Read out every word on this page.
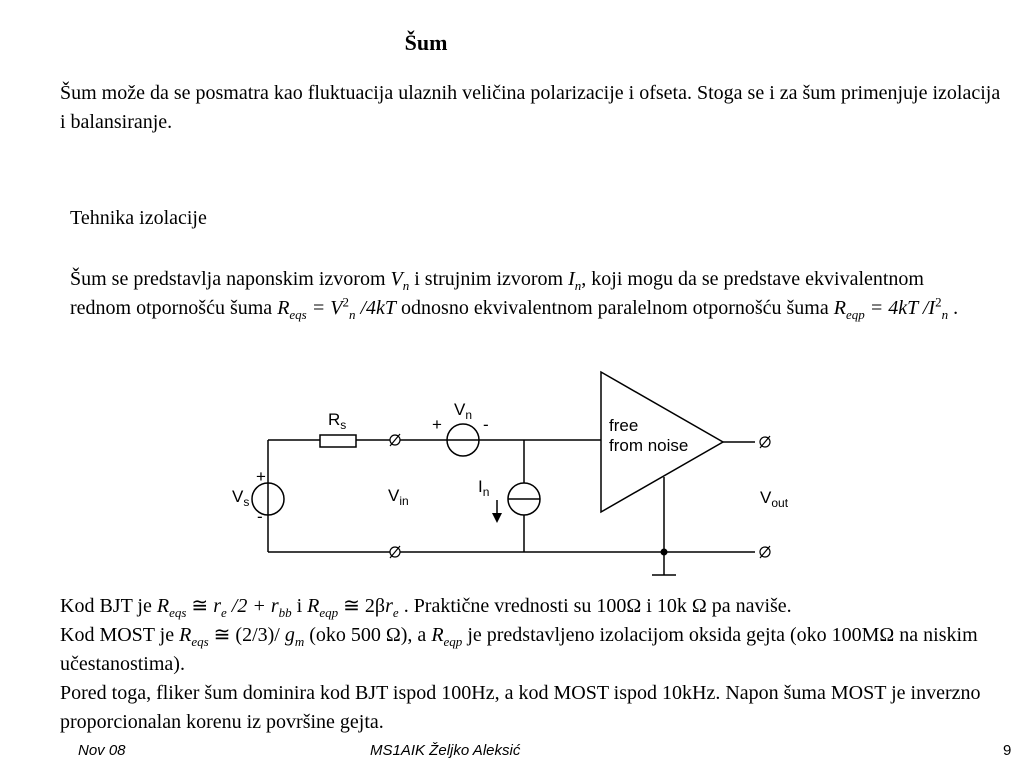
Šum

Šum može da se posmatra kao fluktuacija ulaznih veličina polarizacije i ofseta. Stoga se i za šum primenjuje izolacija i balansiranje.

Tehnika izolacije

Šum se predstavlja naponskim izvorom $V_n$ i strujnim izvorom $I_n$, koji mogu da se predstave ekvivalentnom rednom otpornošću šuma $R_{eqs} = V^2_n$ /4kT odnosno ekvivalentnom paralelnom otpornošću šuma $R_{eqp} = 4kT$ $/I^2_n$ .

$R_s$
$V_n$
+ -
$V_s$
+
-
$V_{in}$
$I_n$	$V_{out}$
free
from noise

Kod BJT je $R_{eqs}$ ≅ $r_e$ $/2 + r_{bb}$ i $R_{eqp}$ ≅ $2\beta r_e$ . Praktične vrednosti su 100Ω i 10k Ω pa naviše.
Kod MOST je $R_{eqs}$ ≅ (2/3)/ $g_m$ (oko 500 Ω), a $R_{eqp}$ je predstavljeno izolacijom oksida gejta (oko 100MΩ na niskim učestanostima).
Pored toga, fliker šum dominira kod BJT ispod 100Hz, a kod MOST ispod 10kHz. Napon šuma MOST je inverzno proporcionalan korenu iz površine gejta.

Nov 08	MS1AIK Željko Aleksić	9
